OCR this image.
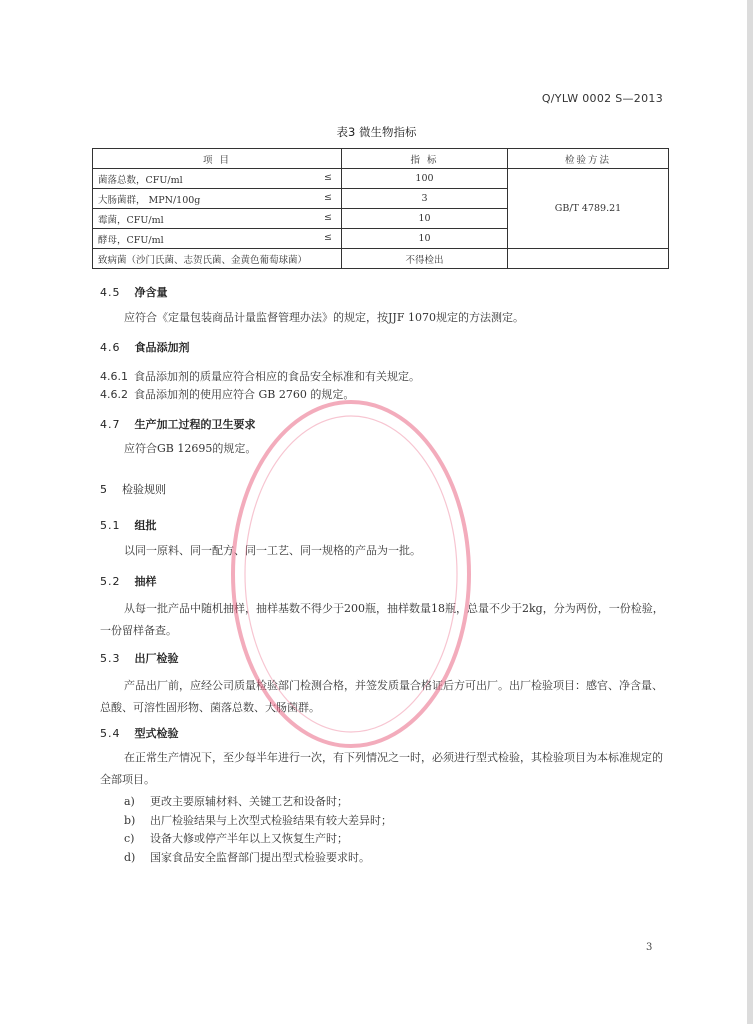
Q/YLW 0002 S—2013
表3 微生物指标
项 目	指 标	检验方法
菌落总数，CFU/ml ≤	100	GB/T 4789.21
大肠菌群， MPN/100g ≤	3	
霉菌，CFU/ml ≤	10	
酵母，CFU/ml ≤	10	
致病菌（沙门氏菌、志贺氏菌、金黄色葡萄球菌）	不得检出	
4.5 净含量
应符合《定量包装商品计量监督管理办法》的规定，按JJF 1070规定的方法测定。
4.6 食品添加剂
4.6.1 食品添加剂的质量应符合相应的食品安全标准和有关规定。
4.6.2 食品添加剂的使用应符合 GB 2760 的规定。
4.7 生产加工过程的卫生要求
应符合GB 12695的规定。
5 检验规则
5.1 组批
以同一原料、同一配方、同一工艺、同一规格的产品为一批。
5.2 抽样
从每一批产品中随机抽样，抽样基数不得少于200瓶，抽样数量18瓶，总量不少于2kg，分为两份，一份检验，一份留样备查。
5.3 出厂检验
产品出厂前，应经公司质量检验部门检测合格，并签发质量合格证后方可出厂。出厂检验项目：感官、净含量、总酸、可溶性固形物、菌落总数、大肠菌群。
5.4 型式检验
在正常生产情况下，至少每半年进行一次，有下列情况之一时，必须进行型式检验，其检验项目为本标准规定的全部项目。
a) 更改主要原辅材料、关键工艺和设备时；
b) 出厂检验结果与上次型式检验结果有较大差异时；
c) 设备大修或停产半年以上又恢复生产时；
d) 国家食品安全监督部门提出型式检验要求时。
3
